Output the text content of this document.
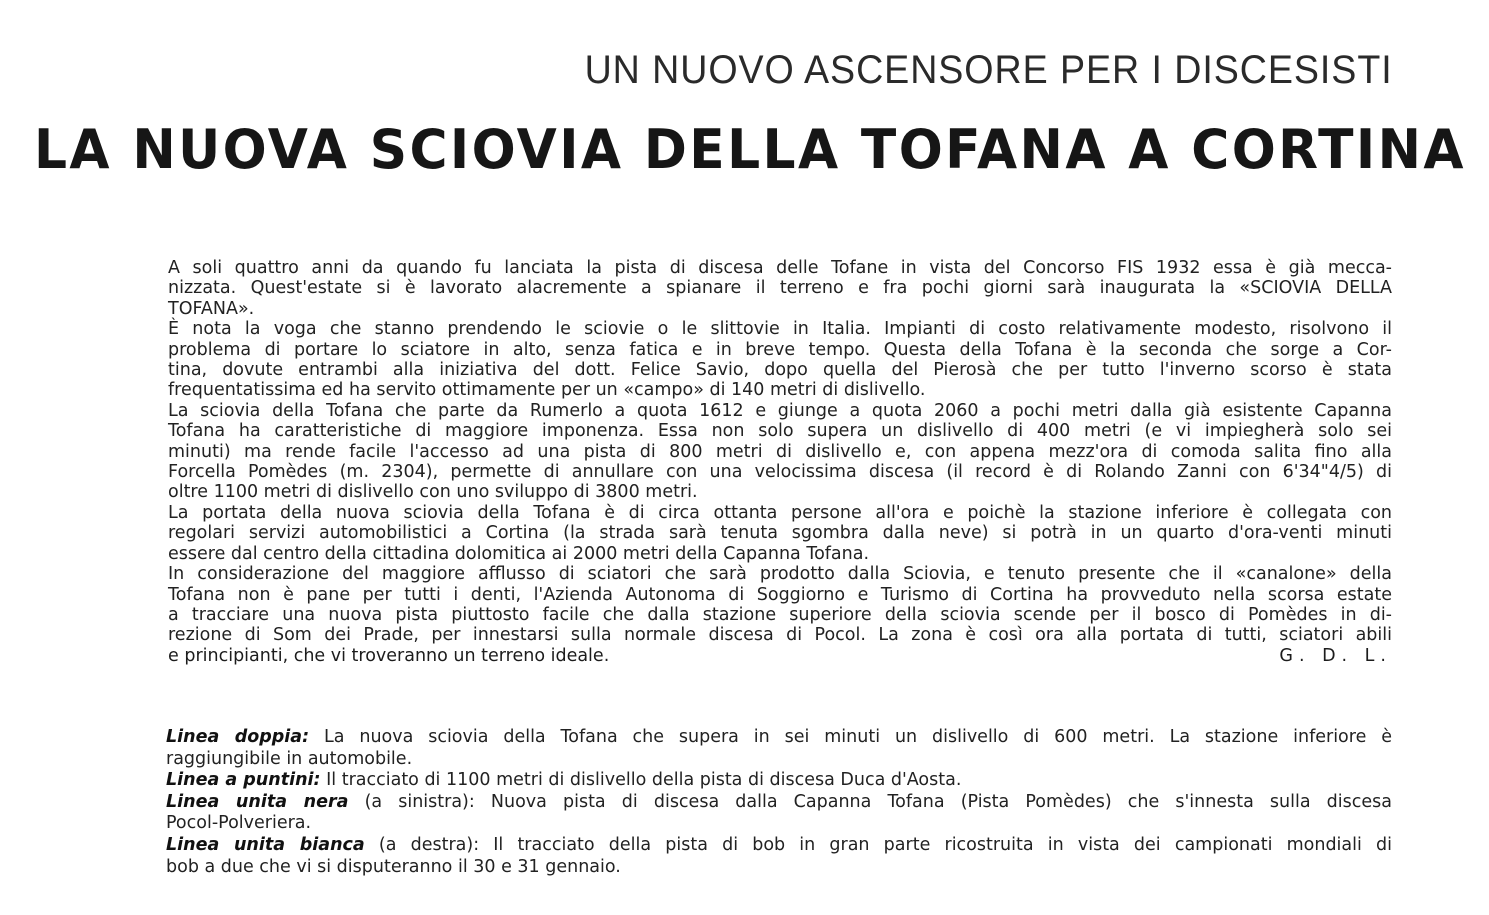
UN NUOVO ASCENSORE PER I DISCESISTI
LA NUOVA SCIOVIA DELLA TOFANA A CORTINA
A soli quattro anni da quando fu lanciata la pista di discesa delle Tofane in vista del Concorso FIS 1932 essa è già mecca-
nizzata. Quest'estate si è lavorato alacremente a spianare il terreno e fra pochi giorni sarà inaugurata la «SCIOVIA DELLA
TOFANA».
È nota la voga che stanno prendendo le sciovie o le slittovie in Italia. Impianti di costo relativamente modesto, risolvono il
problema di portare lo sciatore in alto, senza fatica e in breve tempo. Questa della Tofana è la seconda che sorge a Cor-
tina, dovute entrambi alla iniziativa del dott. Felice Savio, dopo quella del Pierosà che per tutto l'inverno scorso è stata
frequentatissima ed ha servito ottimamente per un «campo» di 140 metri di dislivello.
La sciovia della Tofana che parte da Rumerlo a quota 1612 e giunge a quota 2060 a pochi metri dalla già esistente Capanna
Tofana ha caratteristiche di maggiore imponenza. Essa non solo supera un dislivello di 400 metri (e vi impiegherà solo sei
minuti) ma rende facile l'accesso ad una pista di 800 metri di dislivello e, con appena mezz'ora di comoda salita fino alla
Forcella Pomèdes (m. 2304), permette di annullare con una velocissima discesa (il record è di Rolando Zanni con 6'34"4/5) di
oltre 1100 metri di dislivello con uno sviluppo di 3800 metri.
La portata della nuova sciovia della Tofana è di circa ottanta persone all'ora e poichè la stazione inferiore è collegata con
regolari servizi automobilistici a Cortina (la strada sarà tenuta sgombra dalla neve) si potrà in un quarto d'ora-venti minuti
essere dal centro della cittadina dolomitica ai 2000 metri della Capanna Tofana.
In considerazione del maggiore afflusso di sciatori che sarà prodotto dalla Sciovia, e tenuto presente che il «canalone» della
Tofana non è pane per tutti i denti, l'Azienda Autonoma di Soggiorno e Turismo di Cortina ha provveduto nella scorsa estate
a tracciare una nuova pista piuttosto facile che dalla stazione superiore della sciovia scende per il bosco di Pomèdes in di-
rezione di Som dei Prade, per innestarsi sulla normale discesa di Pocol. La zona è così ora alla portata di tutti, sciatori abili
e principianti, che vi troveranno un terreno ideale.	G. D. L.
Linea doppia: La nuova sciovia della Tofana che supera in sei minuti un dislivello di 600 metri. La stazione inferiore è
raggiungibile in automobile.
Linea a puntini: Il tracciato di 1100 metri di dislivello della pista di discesa Duca d'Aosta.
Linea unita nera (a sinistra): Nuova pista di discesa dalla Capanna Tofana (Pista Pomèdes) che s'innesta sulla discesa
Pocol-Polveriera.
Linea unita bianca (a destra): Il tracciato della pista di bob in gran parte ricostruita in vista dei campionati mondiali di
bob a due che vi si disputeranno il 30 e 31 gennaio.
